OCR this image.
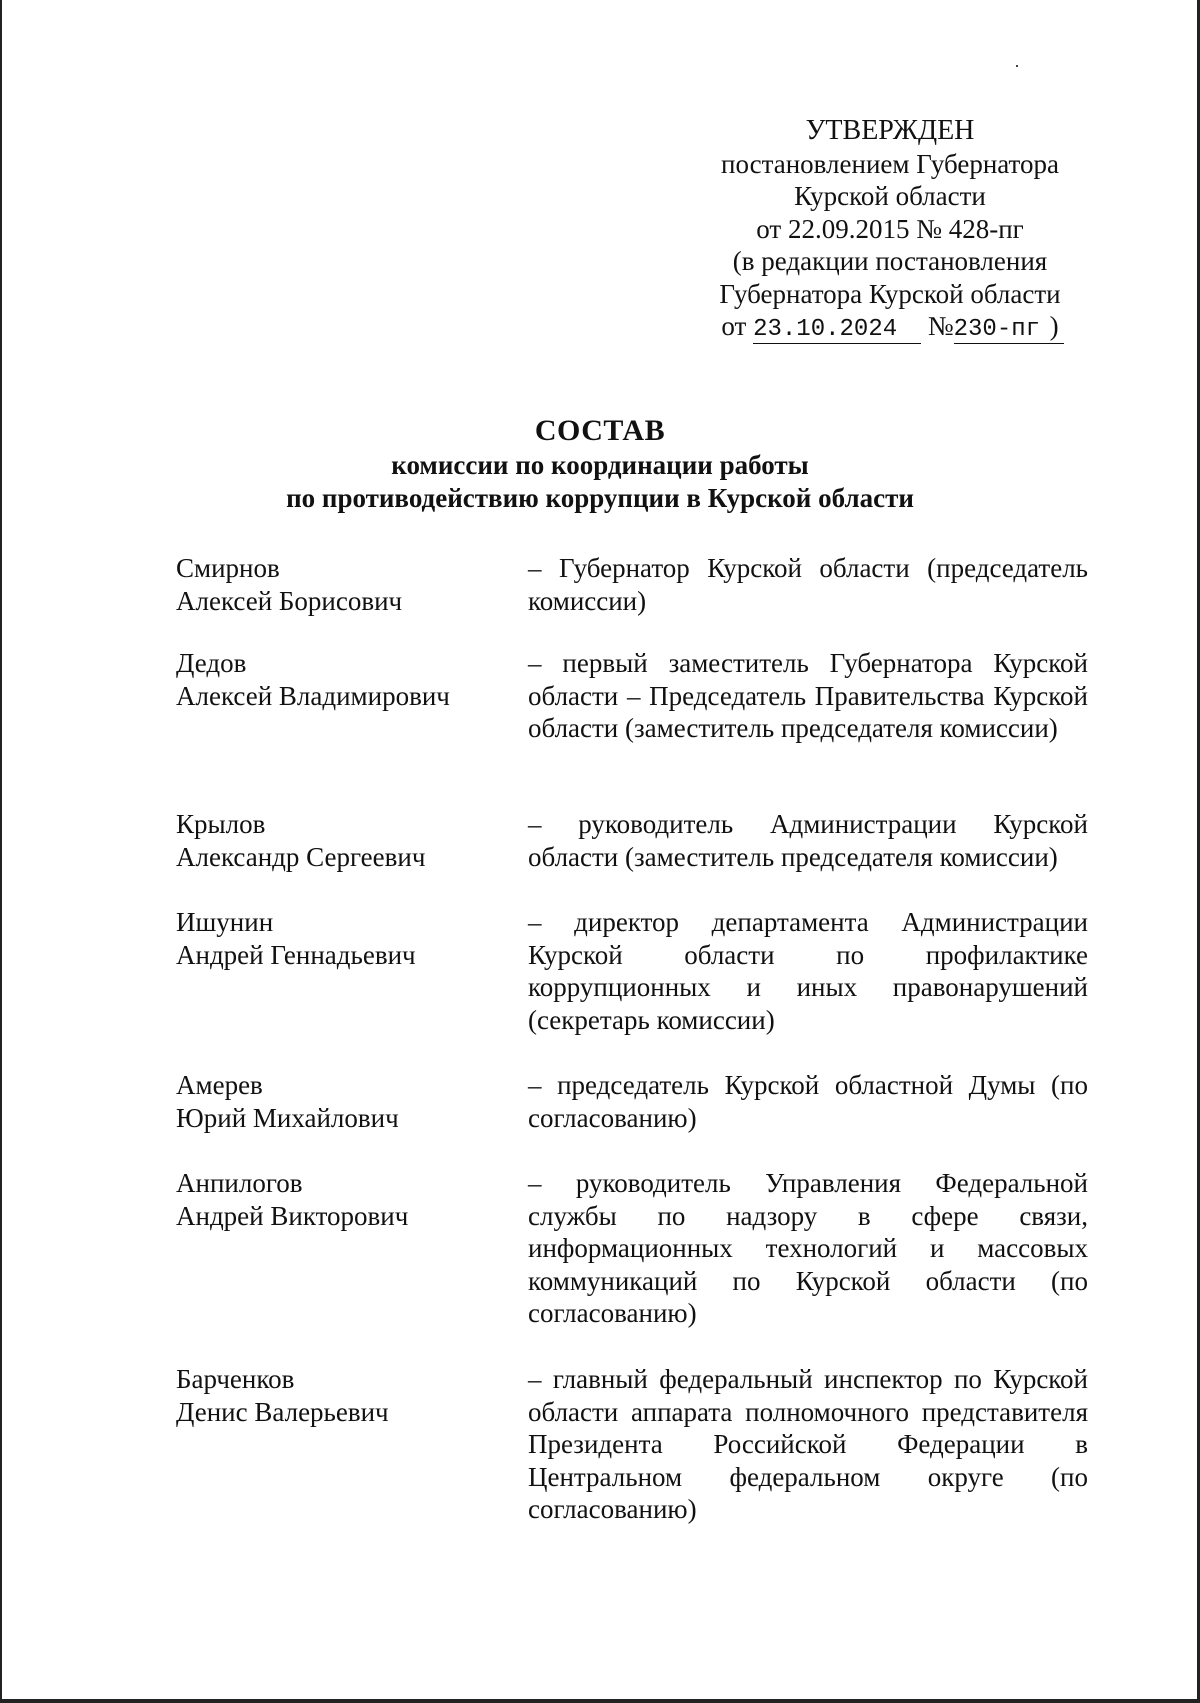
УТВЕРЖДЕН
постановлением Губернатора
Курской области
от 22.09.2015 № 428-пг
(в редакции постановления
Губернатора Курской области
от 23.10.2024 №230-пг )
СОСТАВ
комиссии по координации работы
по противодействию коррупции в Курской области
Смирнов
Алексей Борисович
– Губернатор Курской области (председатель комиссии)
Дедов
Алексей Владимирович
– первый заместитель Губернатора Курской области – Председатель Правительства Курской области (заместитель председателя комиссии)
Крылов
Александр Сергеевич
– руководитель Администрации Курской области (заместитель председателя комиссии)
Ишунин
Андрей Геннадьевич
– директор департамента Администрации Курской области по профилактике коррупционных и иных правонарушений (секретарь комиссии)
Амерев
Юрий Михайлович
– председатель Курской областной Думы (по согласованию)
Анпилогов
Андрей Викторович
– руководитель Управления Федеральной службы по надзору в сфере связи, информационных технологий и массовых коммуникаций по Курской области (по согласованию)
Барченков
Денис Валерьевич
– главный федеральный инспектор по Курской области аппарата полномочного представителя Президента Российской Федерации в Центральном федеральном округе (по согласованию)
